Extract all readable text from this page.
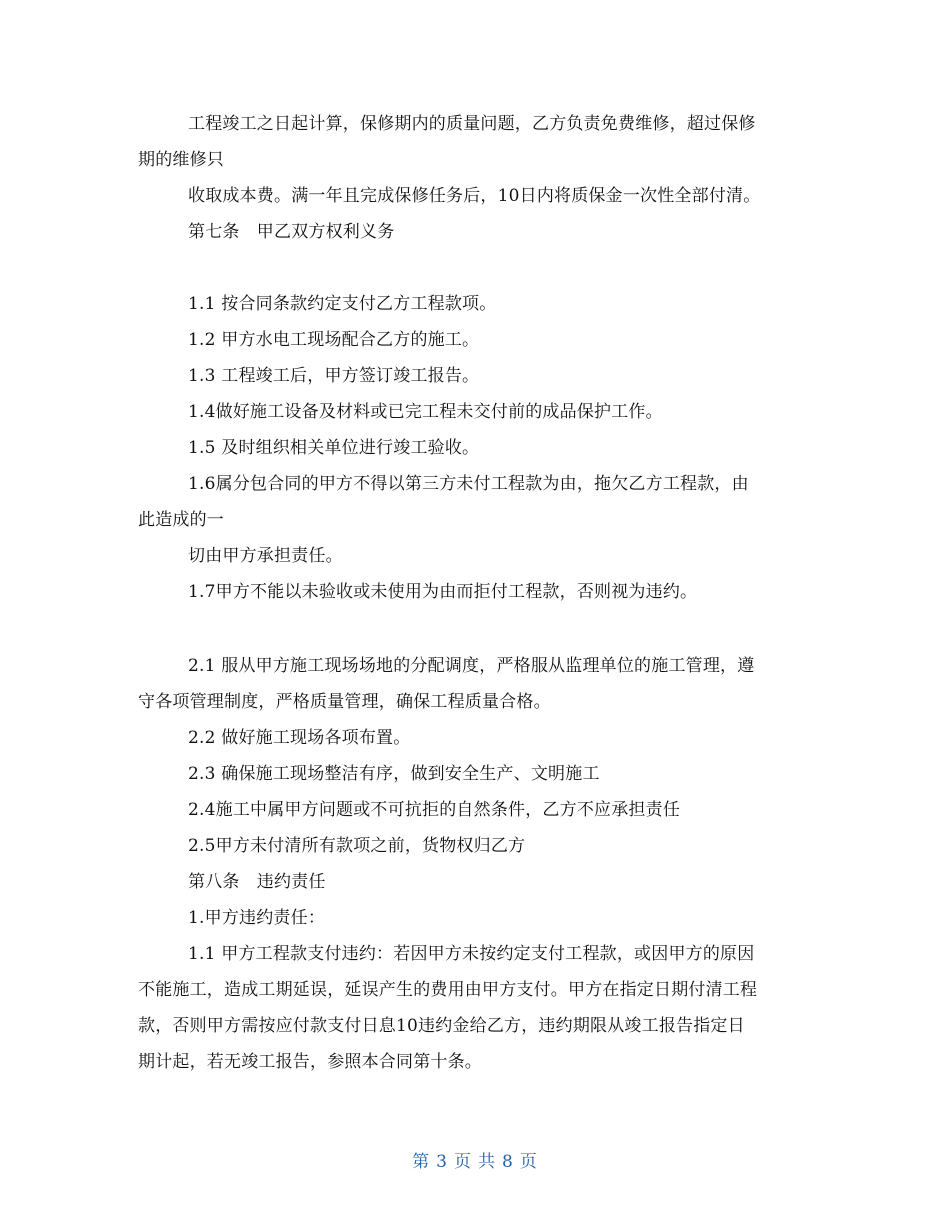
工程竣工之日起计算，保修期内的质量问题，乙方负责免费维修，超过保修
期的维修只
收取成本费。满一年且完成保修任务后，10日内将质保金一次性全部付清。
第七条　甲乙双方权利义务
1.1 按合同条款约定支付乙方工程款项。
1.2 甲方水电工现场配合乙方的施工。
1.3 工程竣工后，甲方签订竣工报告。
1.4做好施工设备及材料或已完工程未交付前的成品保护工作。
1.5 及时组织相关单位进行竣工验收。
1.6属分包合同的甲方不得以第三方未付工程款为由，拖欠乙方工程款，由
此造成的一
切由甲方承担责任。
1.7甲方不能以未验收或未使用为由而拒付工程款，否则视为违约。
2.1 服从甲方施工现场场地的分配调度，严格服从监理单位的施工管理，遵
守各项管理制度，严格质量管理，确保工程质量合格。
2.2 做好施工现场各项布置。
2.3 确保施工现场整洁有序，做到安全生产、文明施工
2.4施工中属甲方问题或不可抗拒的自然条件，乙方不应承担责任
2.5甲方未付清所有款项之前，货物权归乙方
第八条　违约责任
1.甲方违约责任：
1.1 甲方工程款支付违约：若因甲方未按约定支付工程款，或因甲方的原因
不能施工，造成工期延误，延误产生的费用由甲方支付。甲方在指定日期付清工程
款，否则甲方需按应付款支付日息10违约金给乙方，违约期限从竣工报告指定日
期计起，若无竣工报告，参照本合同第十条。
第 3 页 共 8 页
